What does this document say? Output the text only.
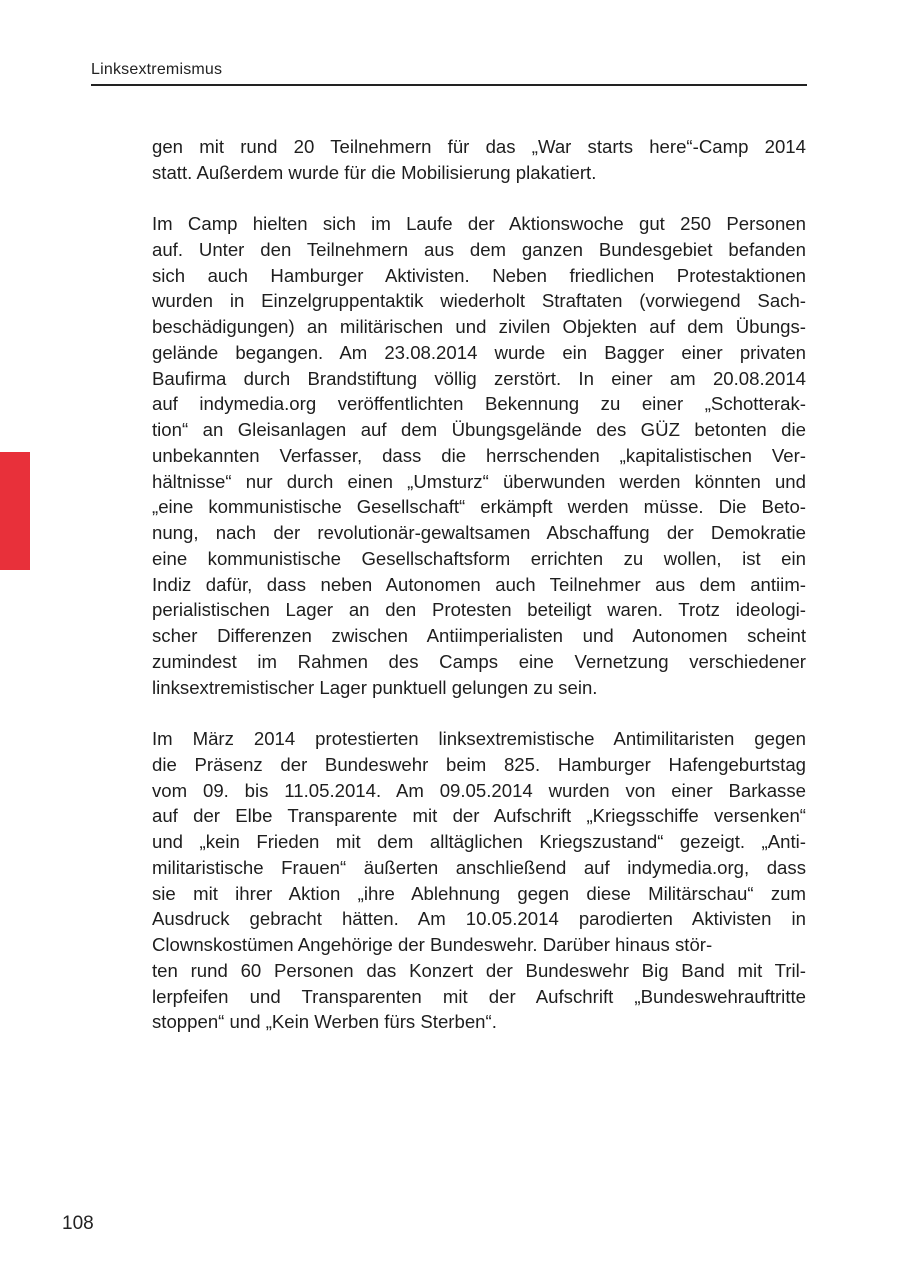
Linksextremismus
gen mit rund 20 Teilnehmern für das „War starts here“-Camp 2014
statt. Außerdem wurde für die Mobilisierung plakatiert.
Im Camp hielten sich im Laufe der Aktionswoche gut 250 Personen
auf. Unter den Teilnehmern aus dem ganzen Bundesgebiet befanden
sich auch Hamburger Aktivisten. Neben friedlichen Protestaktionen
wurden in Einzelgruppentaktik wiederholt Straftaten (vorwiegend Sach-
beschädigungen) an militärischen und zivilen Objekten auf dem Übungs-
gelände begangen. Am 23.08.2014 wurde ein Bagger einer privaten
Baufirma durch Brandstiftung völlig zerstört. In einer am 20.08.2014
auf indymedia.org veröffentlichten Bekennung zu einer „Schotterak-
tion“ an Gleisanlagen auf dem Übungsgelände des GÜZ betonten die
unbekannten Verfasser, dass die herrschenden „kapitalistischen Ver-
hältnisse“ nur durch einen „Umsturz“ überwunden werden könnten und
„eine kommunistische Gesellschaft“ erkämpft werden müsse. Die Beto-
nung, nach der revolutionär-gewaltsamen Abschaffung der Demokratie
eine kommunistische Gesellschaftsform errichten zu wollen, ist ein
Indiz dafür, dass neben Autonomen auch Teilnehmer aus dem antiim-
perialistischen Lager an den Protesten beteiligt waren. Trotz ideologi-
scher Differenzen zwischen Antiimperialisten und Autonomen scheint
zumindest im Rahmen des Camps eine Vernetzung verschiedener
linksextremistischer Lager punktuell gelungen zu sein.
Im März 2014 protestierten linksextremistische Antimilitaristen gegen
die Präsenz der Bundeswehr beim 825. Hamburger Hafengeburtstag
vom 09. bis 11.05.2014. Am 09.05.2014 wurden von einer Barkasse
auf der Elbe Transparente mit der Aufschrift „Kriegsschiffe versenken“
und „kein Frieden mit dem alltäglichen Kriegszustand“ gezeigt. „Anti-
militaristische Frauen“ äußerten anschließend auf indymedia.org, dass
sie mit ihrer Aktion „ihre Ablehnung gegen diese Militärschau“ zum
Ausdruck gebracht hätten. Am 10.05.2014 parodierten Aktivisten in
Clownskostümen Angehörige der Bundeswehr. Darüber hinaus stör-
ten rund 60 Personen das Konzert der Bundeswehr Big Band mit Tril-
lerpfeifen und Transparenten mit der Aufschrift „Bundeswehrauftritte
stoppen“ und „Kein Werben fürs Sterben“.
108
